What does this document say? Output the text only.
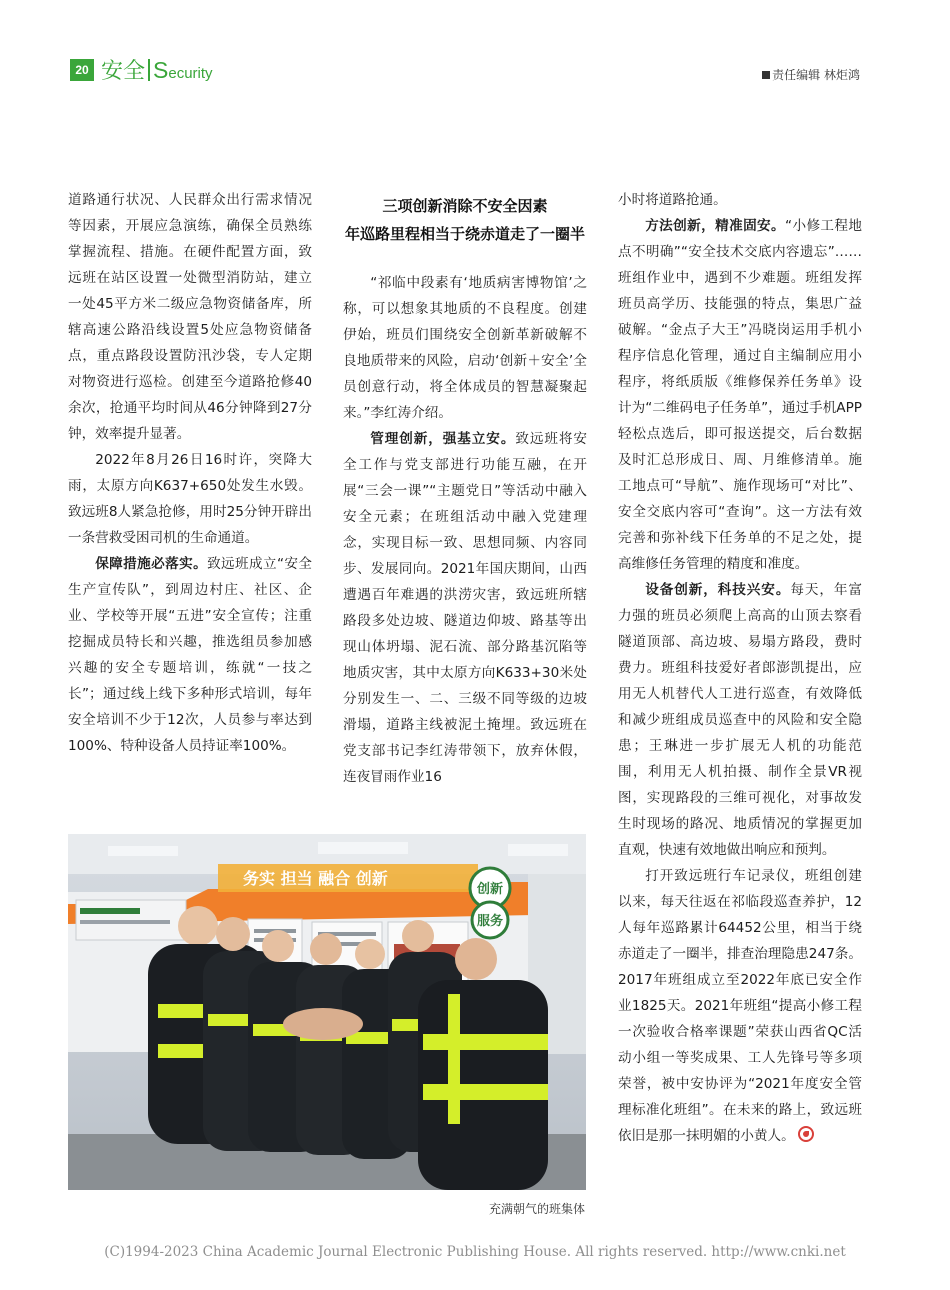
20 安全 Security	责任编辑 林炬鸿

道路通行状况、人民群众出行需求情况等因素，开展应急演练，确保全员熟练掌握流程、措施。在硬件配置方面，致远班在站区设置一处微型消防站，建立一处45平方米二级应急物资储备库，所辖高速公路沿线设置5处应急物资储备点，重点路段设置防汛沙袋，专人定期对物资进行巡检。创建至今道路抢修40余次，抢通平均时间从46分钟降到27分钟，效率提升显著。

2022年8月26日16时许，突降大雨，太原方向K637+650处发生水毁。致远班8人紧急抢修，用时25分钟开辟出一条营救受困司机的生命通道。

保障措施必落实。致远班成立“安全生产宣传队”，到周边村庄、社区、企业、学校等开展“五进”安全宣传；注重挖掘成员特长和兴趣，推选组员参加感兴趣的安全专题培训，练就“一技之长”；通过线上线下多种形式培训，每年安全培训不少于12次，人员参与率达到100%、特种设备人员持证率100%。

三项创新消除不安全因素
年巡路里程相当于绕赤道走了一圈半

“祁临中段素有‘地质病害博物馆’之称，可以想象其地质的不良程度。创建伊始，班员们围绕安全创新革新破解不良地质带来的风险，启动‘创新＋安全’全员创意行动，将全体成员的智慧凝聚起来。”李红涛介绍。

管理创新，强基立安。致远班将安全工作与党支部进行功能互融，在开展“三会一课”“主题党日”等活动中融入安全元素；在班组活动中融入党建理念，实现目标一致、思想同频、内容同步、发展同向。2021年国庆期间，山西遭遇百年难遇的洪涝灾害，致远班所辖路段多处边坡、隧道边仰坡、路基等出现山体坍塌、泥石流、部分路基沉陷等地质灾害，其中太原方向K633+30米处分别发生一、二、三级不同等级的边坡滑塌，道路主线被泥土掩埋。致远班在党支部书记李红涛带领下，放弃休假，连夜冒雨作业16

小时将道路抢通。

方法创新，精准固安。“小修工程地点不明确”“安全技术交底内容遗忘”……班组作业中，遇到不少难题。班组发挥班员高学历、技能强的特点，集思广益破解。“金点子大王”冯晓岗运用手机小程序信息化管理，通过自主编制应用小程序，将纸质版《维修保养任务单》设计为“二维码电子任务单”，通过手机APP轻松点选后，即可报送提交，后台数据及时汇总形成日、周、月维修清单。施工地点可“导航”、施作现场可“对比”、安全交底内容可“查询”。这一方法有效完善和弥补线下任务单的不足之处，提高维修任务管理的精度和准度。

设备创新，科技兴安。每天，年富力强的班员必须爬上高高的山顶去察看隧道顶部、高边坡、易塌方路段，费时费力。班组科技爱好者郎澎凯提出，应用无人机替代人工进行巡查，有效降低和减少班组成员巡查中的风险和安全隐患；王琳进一步扩展无人机的功能范围，利用无人机拍摄、制作全景VR视图，实现路段的三维可视化，对事故发生时现场的路况、地质情况的掌握更加直观，快速有效地做出响应和预判。

打开致远班行车记录仪，班组创建以来，每天往返在祁临段巡查养护，12人每年巡路累计64452公里，相当于绕赤道走了一圈半，排查治理隐患247条。2017年班组成立至2022年底已安全作业1825天。2021年班组“提高小修工程一次验收合格率课题”荣获山西省QC活动小组一等奖成果、工人先锋号等多项荣誉，被中安协评为“2021年度安全管理标准化班组”。在未来的路上，致远班依旧是那一抹明媚的小黄人。

务实 担当 融合 创新
创新
服务
充满朝气的班集体
(C)1994-2023 China Academic Journal Electronic Publishing House. All rights reserved. http://www.cnki.net
